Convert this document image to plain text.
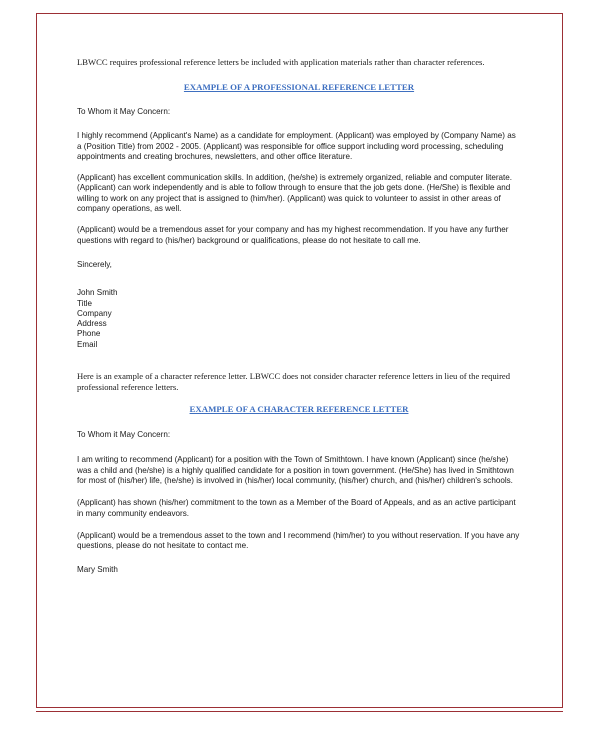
LBWCC requires professional reference letters be included with application materials rather than character references.

EXAMPLE OF A PROFESSIONAL REFERENCE LETTER

To Whom it May Concern:

I highly recommend (Applicant's Name) as a candidate for employment. (Applicant) was employed by (Company Name) as a (Position Title) from 2002 - 2005. (Applicant) was responsible for office support including word processing, scheduling appointments and creating brochures, newsletters, and other office literature.

(Applicant) has excellent communication skills. In addition, (he/she) is extremely organized, reliable and computer literate. (Applicant) can work independently and is able to follow through to ensure that the job gets done. (He/She) is flexible and willing to work on any project that is assigned to (him/her). (Applicant) was quick to volunteer to assist in other areas of company operations, as well.

(Applicant) would be a tremendous asset for your company and has my highest recommendation. If you have any further questions with regard to (his/her) background or qualifications, please do not hesitate to call me.

Sincerely,

John Smith
Title
Company
Address
Phone
Email

Here is an example of a character reference letter. LBWCC does not consider character reference letters in lieu of the required professional reference letters.

EXAMPLE OF A CHARACTER REFERENCE LETTER

To Whom it May Concern:

I am writing to recommend (Applicant) for a position with the Town of Smithtown. I have known (Applicant) since (he/she) was a child and (he/she) is a highly qualified candidate for a position in town government. (He/She) has lived in Smithtown for most of (his/her) life, (he/she) is involved in (his/her) local community, (his/her) church, and (his/her) children's schools.

(Applicant) has shown (his/her) commitment to the town as a Member of the Board of Appeals, and as an active participant in many community endeavors.

(Applicant) would be a tremendous asset to the town and I recommend (him/her) to you without reservation. If you have any questions, please do not hesitate to contact me.

Mary Smith
